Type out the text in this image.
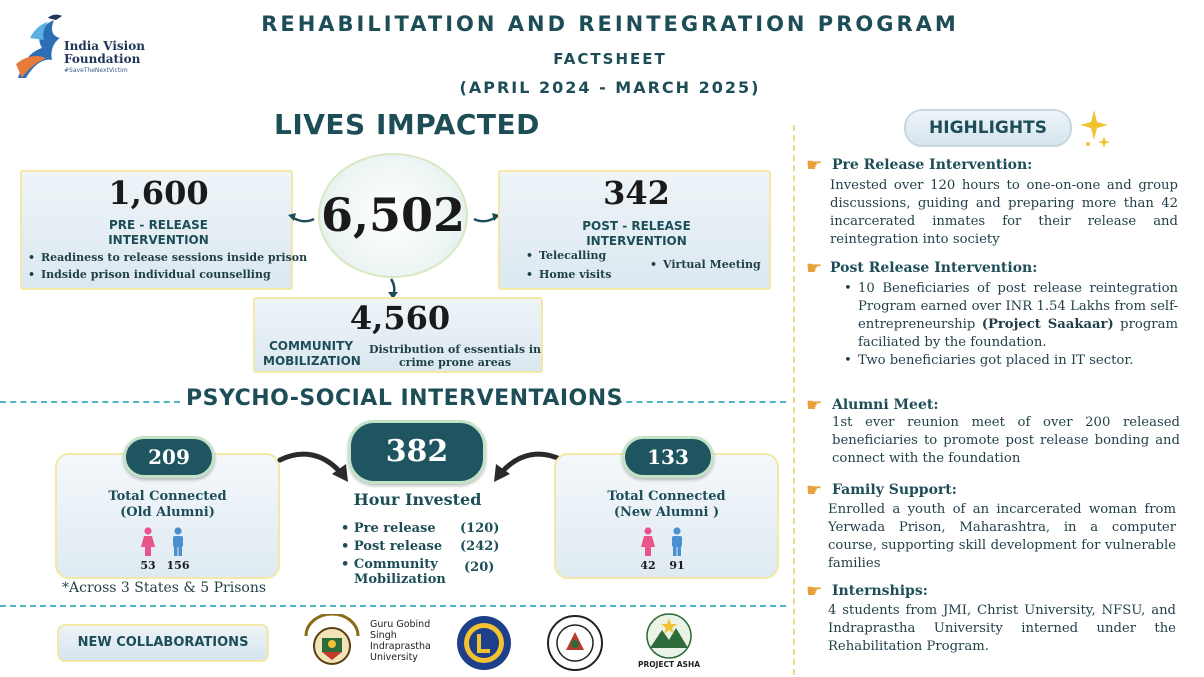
India Vision
Foundation
#SaveTheNextVictim
REHABILITATION AND REINTEGRATION PROGRAM
FACTSHEET
(APRIL 2024 - MARCH 2025)
LIVES IMPACTED
1,600
PRE - RELEASE
INTERVENTION
• Readiness to release sessions inside prison
• Indside prison individual counselling
6,502	342
POST - RELEASE
INTERVENTION
• Telecalling
• Home visits
• Virtual Meeting
4,560
COMMUNITY
MOBILIZATION
Distribution of essentials in
crime prone areas
PSYCHO-SOCIAL INTERVENTAIONS
Total Connected
(Old Alumni)
53 156
209	382
Hour Invested
• Pre release (120)
• Post release (242)
• Community
Mobilization
(20)
Total Connected
(New Alumni )
42	91
133
*Across 3 States & 5 Prisons
NEW COLLABORATIONS
Guru Gobind
Singh
Indraprastha
University
PROJECT ASHA
HIGHLIGHTS
☛ Pre Release Intervention:
Invested over 120 hours to one-on-one and group discussions, guiding and preparing more than 42 incarcerated inmates for their release and reintegration into society
☛ Post Release Intervention:
• 10 Beneficiaries of post release reintegration Program earned over INR 1.54 Lakhs from self-entrepreneurship (Project Saakaar) program faciliated by the foundation.
• Two beneficiaries got placed in IT sector.
☛ Alumni Meet:
1st ever reunion meet of over 200 released beneficiaries to promote post release bonding and connect with the foundation
☛ Family Support:
Enrolled a youth of an incarcerated woman from Yerwada Prison, Maharashtra, in a computer course, supporting skill development for vulnerable families
☛ Internships:
4 students from JMI, Christ University, NFSU, and Indraprastha University interned under the Rehabilitation Program.
